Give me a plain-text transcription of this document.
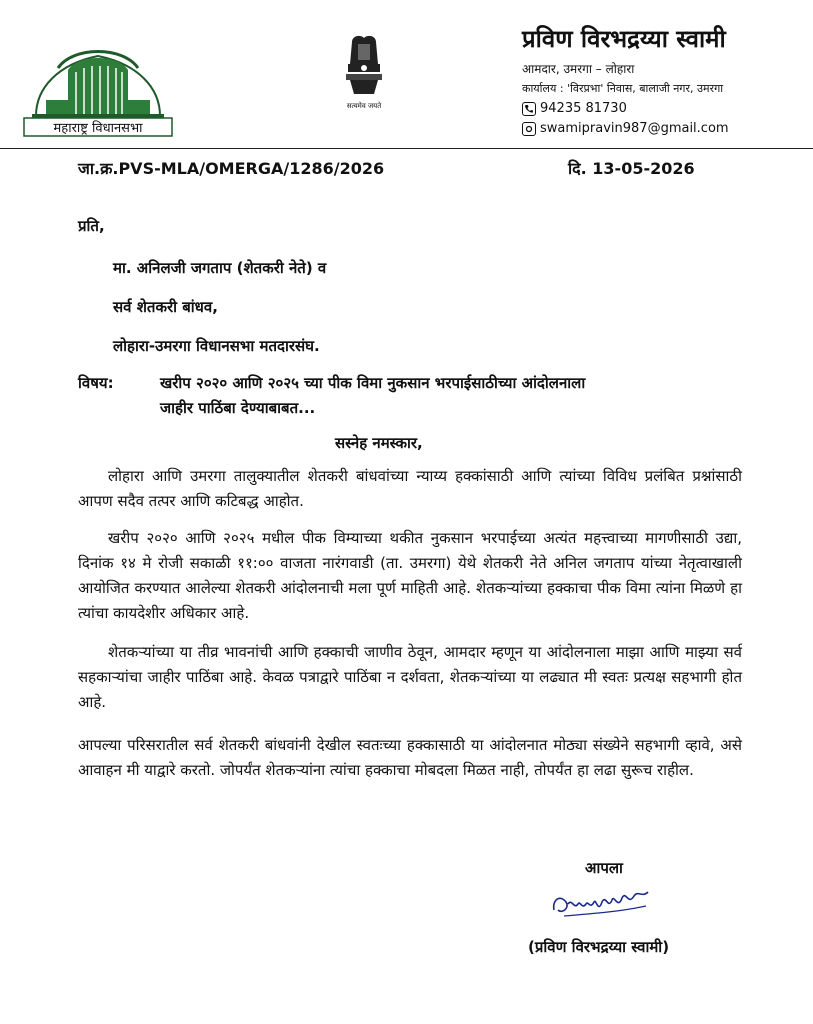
महाराष्ट्र विधानसभा
सत्यमेव जयते
प्रविण विरभद्रय्या स्वामी
आमदार, उमरगा – लोहारा
कार्यालय : 'विरप्रभा' निवास, बालाजी नगर, उमरगा
94235 81730
swamipravin987@gmail.com
जा.क्र.PVS-MLA/OMERGA/1286/2026	दि. 13-05-2026
प्रति,
मा. अनिलजी जगताप (शेतकरी नेते) व
सर्व शेतकरी बांधव,
लोहारा-उमरगा विधानसभा मतदारसंघ.
विषय:	खरीप २०२० आणि २०२५ च्या पीक विमा नुकसान भरपाईसाठीच्या आंदोलनाला
जाहीर पाठिंबा देण्याबाबत...
सस्नेह नमस्कार,
लोहारा आणि उमरगा तालुक्यातील शेतकरी बांधवांच्या न्याय्य हक्कांसाठी आणि त्यांच्या विविध प्रलंबित प्रश्नांसाठी आपण सदैव तत्पर आणि कटिबद्ध आहोत.
खरीप २०२० आणि २०२५ मधील पीक विम्याच्या थकीत नुकसान भरपाईच्या अत्यंत महत्त्वाच्या मागणीसाठी उद्या, दिनांक १४ मे रोजी सकाळी ११:०० वाजता नारंगवाडी (ता. उमरगा) येथे शेतकरी नेते अनिल जगताप यांच्या नेतृत्वाखाली आयोजित करण्यात आलेल्या शेतकरी आंदोलनाची मला पूर्ण माहिती आहे. शेतकऱ्यांच्या हक्काचा पीक विमा त्यांना मिळणे हा त्यांचा कायदेशीर अधिकार आहे.
शेतकऱ्यांच्या या तीव्र भावनांची आणि हक्काची जाणीव ठेवून, आमदार म्हणून या आंदोलनाला माझा आणि माझ्या सर्व सहकाऱ्यांचा जाहीर पाठिंबा आहे. केवळ पत्राद्वारे पाठिंबा न दर्शवता, शेतकऱ्यांच्या या लढ्यात मी स्वतः प्रत्यक्ष सहभागी होत आहे.
आपल्या परिसरातील सर्व शेतकरी बांधवांनी देखील स्वतःच्या हक्कासाठी या आंदोलनात मोठ्या संख्येने सहभागी व्हावे, असे आवाहन मी याद्वारे करतो. जोपर्यंत शेतकऱ्यांना त्यांचा हक्काचा मोबदला मिळत नाही, तोपर्यंत हा लढा सुरूच राहील.
आपला
(प्रविण विरभद्रय्या स्वामी)
